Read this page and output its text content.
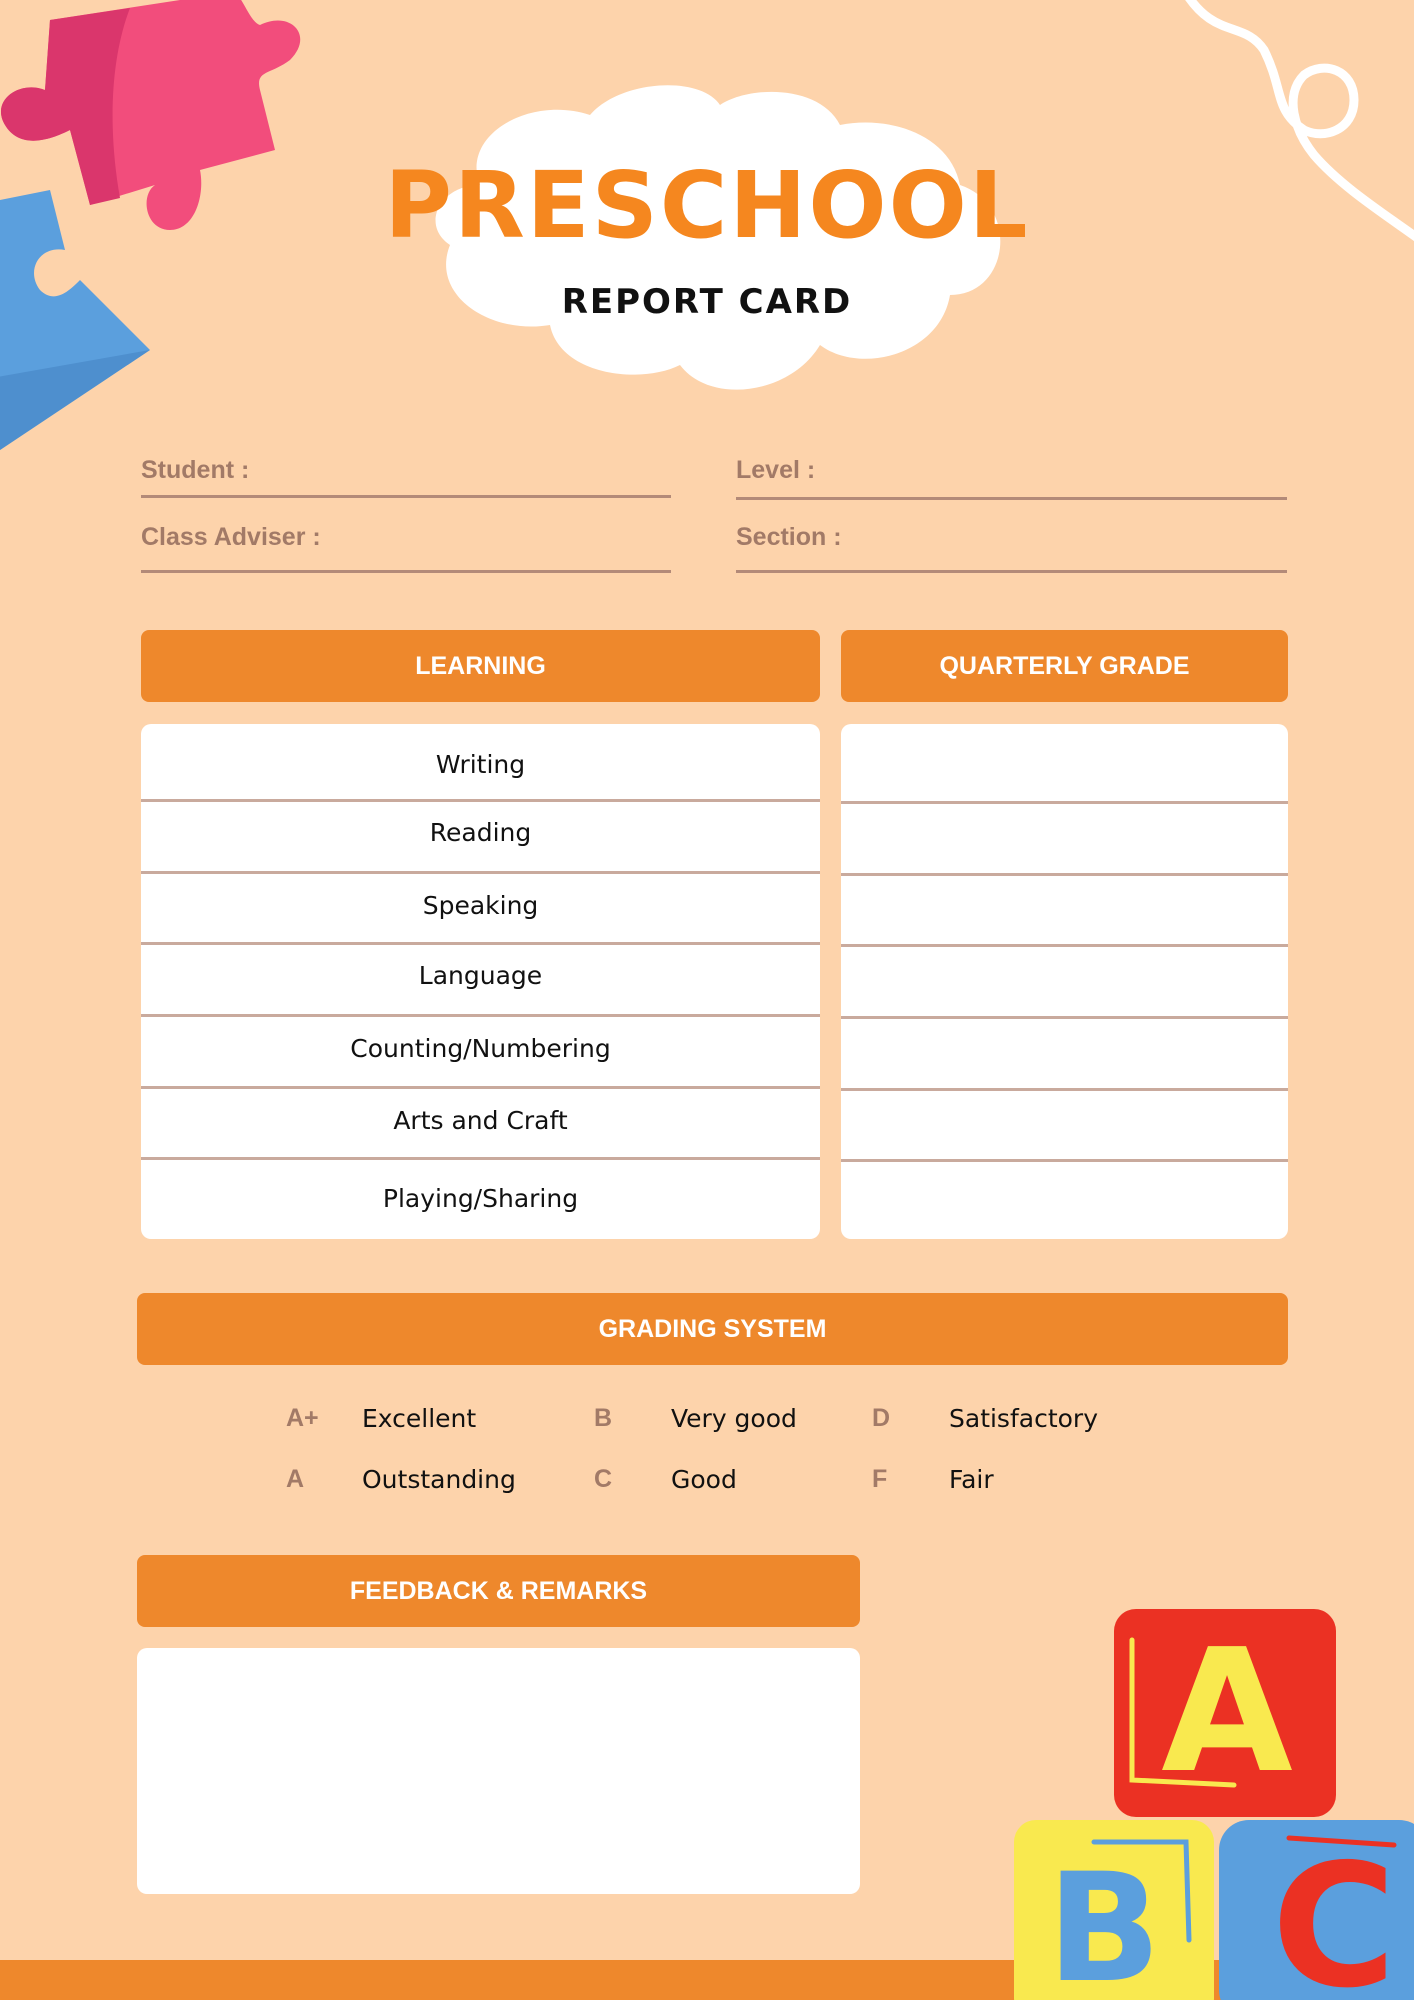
PRESCHOOL
REPORT CARD
Student :
Class Adviser :
Level :
Section :
LEARNING	QUARTERLY GRADE
Writing
Reading
Speaking
Language
Counting/Numbering
Arts and Craft
Playing/Sharing
GRADING SYSTEM
A+ Excellent
A Outstanding
B Very good
C Good
D Satisfactory
F Fair
FEEDBACK & REMARKS
A
B C
